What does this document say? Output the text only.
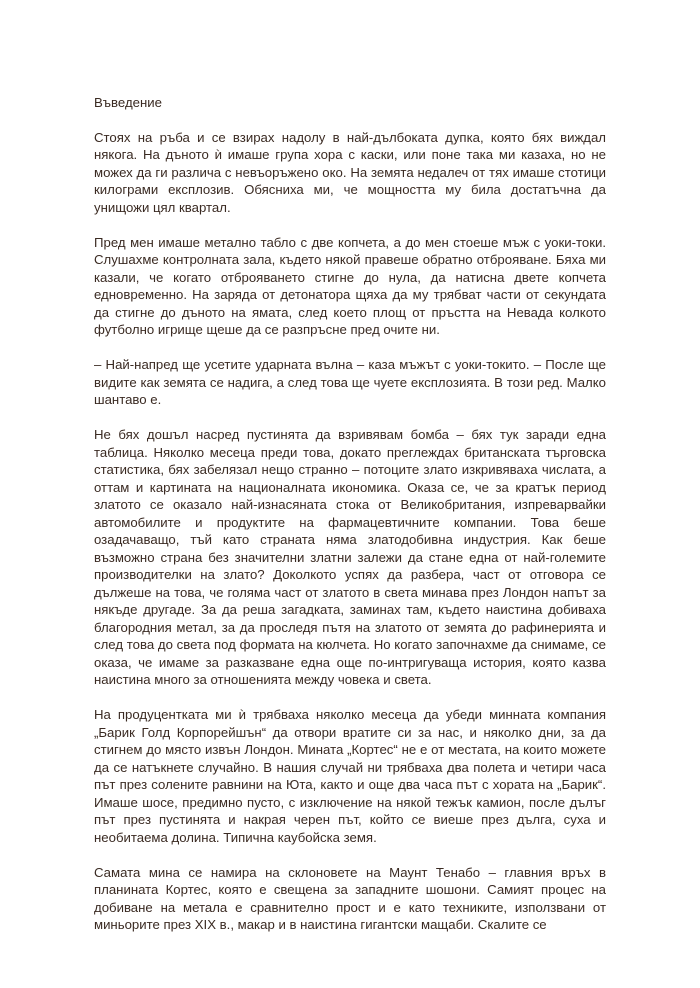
Въведение

Стоях на ръба и се взирах надолу в най-дълбоката дупка, която бях виждал някога. На дъното ѝ имаше група хора с каски, или поне така ми казаха, но не можех да ги различа с невъоръжено око. На земята недалеч от тях имаше стотици килограми експлозив. Обясниха ми, че мощността му била достатъчна да унищожи цял квартал.

Пред мен имаше метално табло с две копчета, а до мен стоеше мъж с уоки-токи. Слушахме контролната зала, където някой правеше обратно отброяване. Бяха ми казали, че когато отброяването стигне до нула, да натисна двете копчета едновременно. На заряда от детонатора щяха да му трябват части от секундата да стигне до дъното на ямата, след което площ от пръстта на Невада колкото футболно игрище щеше да се разпръсне пред очите ни.

– Най-напред ще усетите ударната вълна – каза мъжът с уоки-токито. – После ще видите как земята се надига, а след това ще чуете експлозията. В този ред. Малко шантаво е.

Не бях дошъл насред пустинята да взривявам бомба – бях тук заради една таблица. Няколко месеца преди това, докато преглеждах британската търговска статистика, бях забелязал нещо странно – потоците злато изкривяваха числата, а оттам и картината на националната икономика. Оказа се, че за кратък период златото се оказало най-изнасяната стока от Великобритания, изпреварвайки автомобилите и продуктите на фармацевтичните компании. Това беше озадачаващо, тъй като страната няма златодобивна индустрия. Как беше възможно страна без значителни златни залежи да стане една от най-големите производителки на злато? Доколкото успях да разбера, част от отговора се дължеше на това, че голяма част от златото в света минава през Лондон напът за някъде другаде. За да реша загадката, заминах там, където наистина добиваха благородния метал, за да проследя пътя на златото от земята до рафинерията и след това до света под формата на кюлчета. Но когато започнахме да снимаме, се оказа, че имаме за разказване една още по-интригуваща история, която казва наистина много за отношенията между човека и света.

На продуцентката ми ѝ трябваха няколко месеца да убеди минната компания „Барик Голд Корпорейшън“ да отвори вратите си за нас, и няколко дни, за да стигнем до място извън Лондон. Мината „Кортес“ не е от местата, на които можете да се натъкнете случайно. В нашия случай ни трябваха два полета и четири часа път през солените равнини на Юта, както и още два часа път с хората на „Барик“. Имаше шосе, предимно пусто, с изключение на някой тежък камион, после дълъг път през пустинята и накрая черен път, който се виеше през дълга, суха и необитаема долина. Типична каубойска земя.

Самата мина се намира на склоновете на Маунт Тенабо – главния връх в планината Кортес, която е свещена за западните шошони. Самият процес на добиване на метала е сравнително прост и е като техниките, използвани от миньорите през XIX в., макар и в наистина гигантски мащаби. Скалите се
